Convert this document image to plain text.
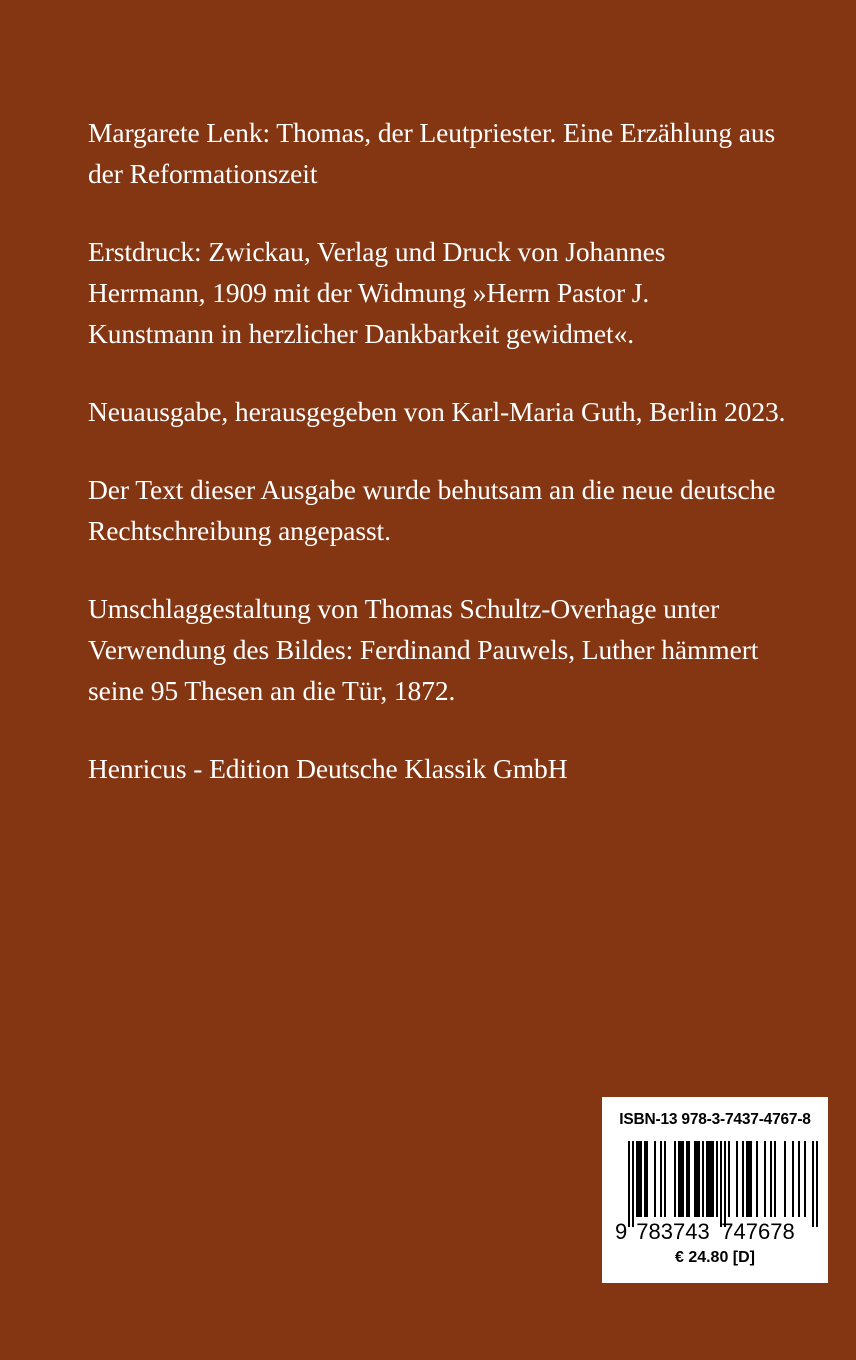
Margarete Lenk: Thomas, der Leutpriester. Eine Erzählung aus
der Reformationszeit

Erstdruck: Zwickau, Verlag und Druck von Johannes
Herrmann, 1909 mit der Widmung »Herrn Pastor J.
Kunstmann in herzlicher Dankbarkeit gewidmet«.

Neuausgabe, herausgegeben von Karl-Maria Guth, Berlin 2023.

Der Text dieser Ausgabe wurde behutsam an die neue deutsche
Rechtschreibung angepasst.

Umschlaggestaltung von Thomas Schultz-Overhage unter
Verwendung des Bildes: Ferdinand Pauwels, Luther hämmert
seine 95 Thesen an die Tür, 1872.

Henricus - Edition Deutsche Klassik GmbH

ISBN-13 978-3-7437-4767-8
9 783743 747678
€ 24.80 [D]
